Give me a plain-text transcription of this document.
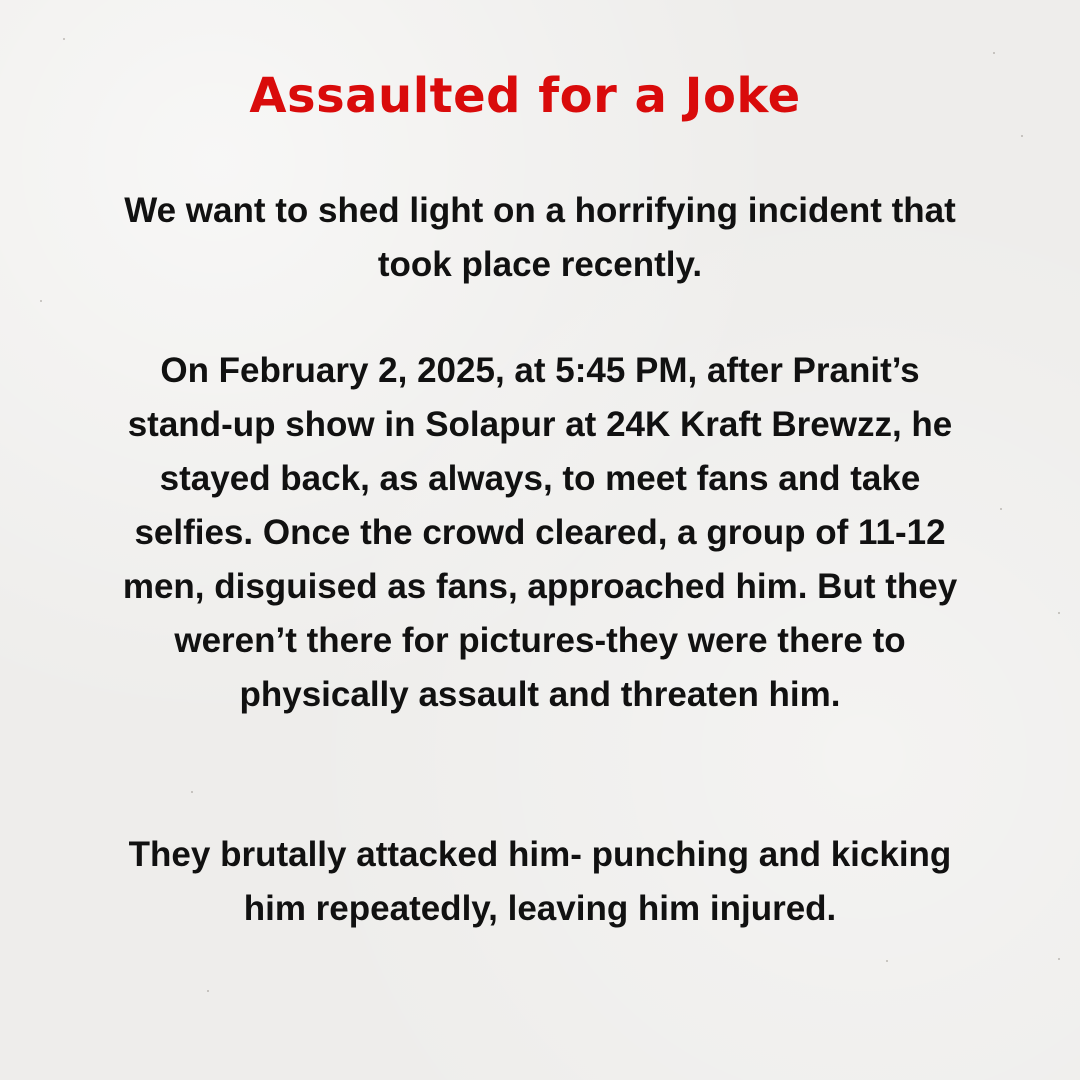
Assaulted for a Joke

We want to shed light on a horrifying incident that took place recently.

On February 2, 2025, at 5:45 PM, after Pranit’s stand-up show in Solapur at 24K Kraft Brewzz, he stayed back, as always, to meet fans and take selfies. Once the crowd cleared, a group of 11-12 men, disguised as fans, approached him. But they weren’t there for pictures-they were there to physically assault and threaten him.

They brutally attacked him- punching and kicking him repeatedly, leaving him injured.
